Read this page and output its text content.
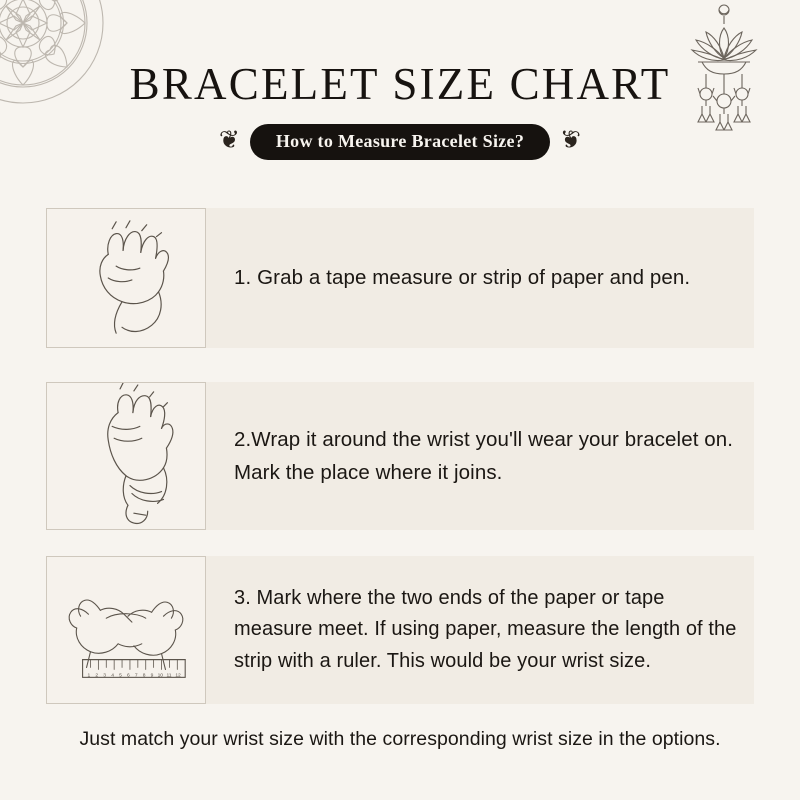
BRACELET SIZE CHART
❦	How to Measure Bracelet Size?	❦
1. Grab a tape measure or strip of paper and pen.
2.Wrap it around the wrist you'll wear your bracelet on. Mark the place where it joins.
1 2 3 4 5 6 7 8 9 10 11 12
3. Mark where the two ends of the paper or tape measure meet. If using paper, measure the length of the strip with a ruler. This would be your wrist size.
Just match your wrist size with the corresponding wrist size in the options.
